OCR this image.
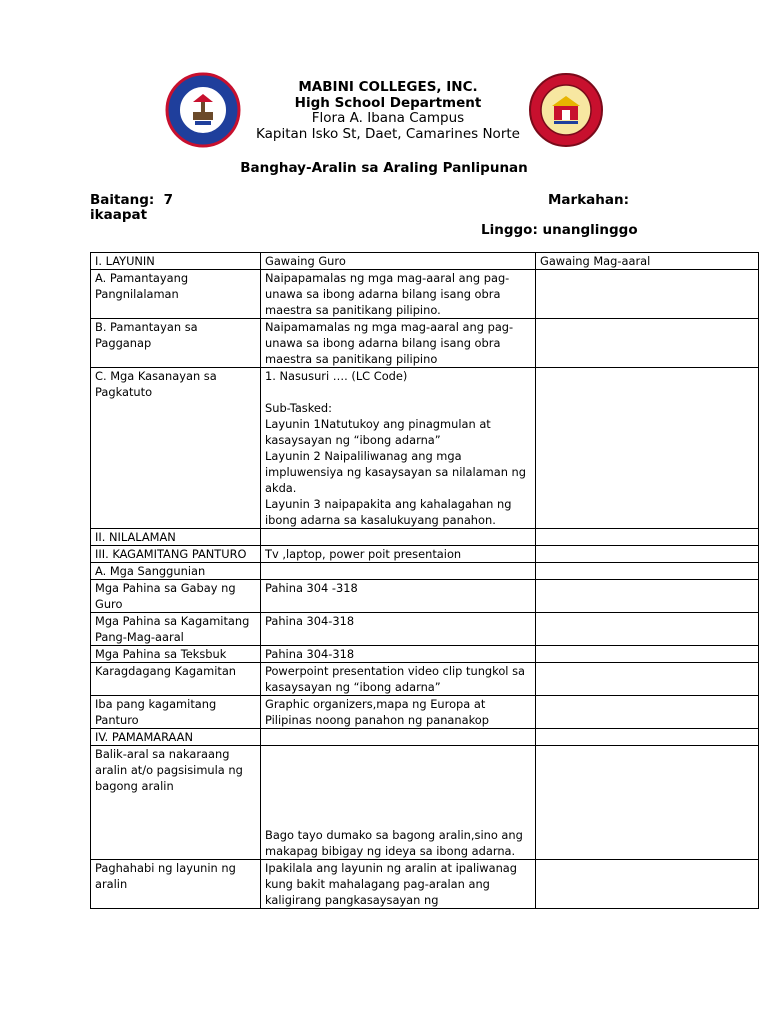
MABINI COLLEGES, INC.
High School Department
Flora A. Ibana Campus
Kapitan Isko St, Daet, Camarines Norte
Banghay-Aralin sa Araling Panlipunan
Baitang: 7	Markahan:
ikaapat
Linggo: unanglinggo
I. LAYUNIN	Gawaing Guro	Gawaing Mag-aaral
A. Pamantayang Pangnilalaman	Naipapamalas ng mga mag-aaral ang pag-unawa sa ibong adarna bilang isang obra maestra sa panitikang pilipino.	
B. Pamantayan sa Pagganap	Naipamamalas ng mga mag-aaral ang pag-unawa sa ibong adarna bilang isang obra maestra sa panitikang pilipino	
C. Mga Kasanayan sa Pagkatuto	1. Nasusuri …. (LC Code)
Sub-Tasked:
Layunin 1Natutukoy ang pinagmulan at kasaysayan ng “ibong adarna”
Layunin 2 Naipaliliwanag ang mga impluwensiya ng kasaysayan sa nilalaman ng akda.
Layunin 3 naipapakita ang kahalagahan ng ibong adarna sa kasalukuyang panahon.	

II. NILALAMAN		
III. KAGAMITANG PANTURO	Tv ,laptop, power poit presentaion	
A. Mga Sanggunian		
Mga Pahina sa Gabay ng Guro	Pahina 304 -318	
Mga Pahina sa Kagamitang Pang-Mag-aaral	Pahina 304-318	
Mga Pahina sa Teksbuk	Pahina 304-318	
Karagdagang Kagamitan	Powerpoint presentation video clip tungkol sa kasaysayan ng “ibong adarna”	
Iba pang kagamitang Panturo	Graphic organizers,mapa ng Europa at Pilipinas noong panahon ng pananakop	
IV. PAMAMARAAN		
Balik-aral sa nakaraang aralin at/o pagsisimula ng bagong aralin	Bago tayo dumako sa bagong aralin,sino ang makapag bibigay ng ideya sa ibong adarna.	
Paghahabi ng layunin ng aralin	Ipakilala ang layunin ng aralin at ipaliwanag kung bakit mahalagang pag-aralan ang kaligirang pangkasaysayan ng	
